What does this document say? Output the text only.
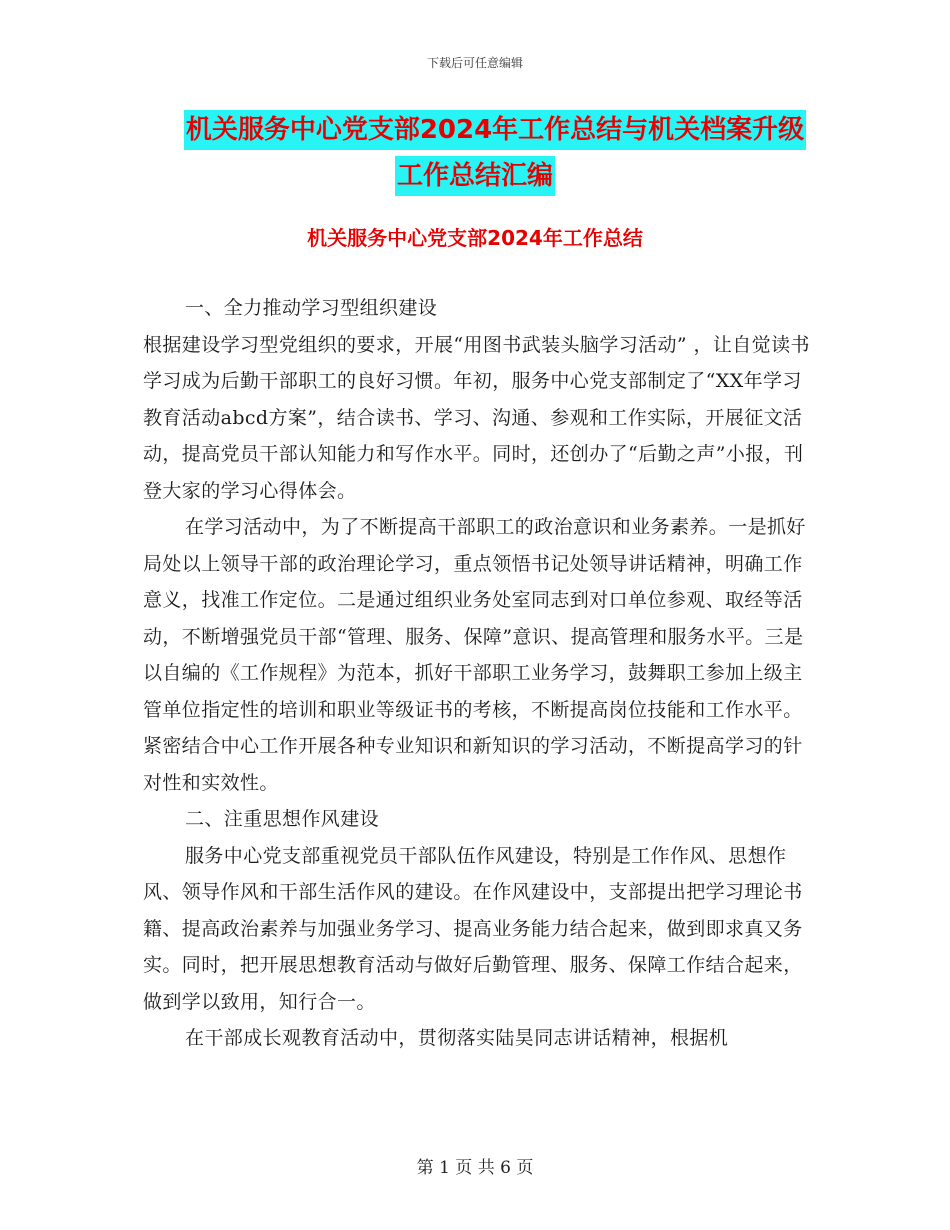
下载后可任意编辑
机关服务中心党支部2024年工作总结与机关档案升级
工作总结汇编
机关服务中心党支部2024年工作总结

一、全力推动学习型组织建设

根据建设学习型党组织的要求，开展“用图书武装头脑学习活动” ，让自觉读书学习成为后勤干部职工的良好习惯。年初，服务中心党支部制定了“XX年学习教育活动abcd方案”，结合读书、学习、沟通、参观和工作实际，开展征文活动，提高党员干部认知能力和写作水平。同时，还创办了“后勤之声”小报，刊登大家的学习心得体会。

在学习活动中，为了不断提高干部职工的政治意识和业务素养。一是抓好局处以上领导干部的政治理论学习，重点领悟书记处领导讲话精神，明确工作意义，找准工作定位。二是通过组织业务处室同志到对口单位参观、取经等活动，不断增强党员干部“管理、服务、保障”意识、提高管理和服务水平。三是以自编的《工作规程》为范本，抓好干部职工业务学习，鼓舞职工参加上级主管单位指定性的培训和职业等级证书的考核，不断提高岗位技能和工作水平。紧密结合中心工作开展各种专业知识和新知识的学习活动，不断提高学习的针对性和实效性。

二、注重思想作风建设

服务中心党支部重视党员干部队伍作风建设，特别是工作作风、思想作风、领导作风和干部生活作风的建设。在作风建设中，支部提出把学习理论书籍、提高政治素养与加强业务学习、提高业务能力结合起来，做到即求真又务实。同时，把开展思想教育活动与做好后勤管理、服务、保障工作结合起来，做到学以致用，知行合一。

在干部成长观教育活动中，贯彻落实陆昊同志讲话精神，根据机

第 1 页 共 6 页
